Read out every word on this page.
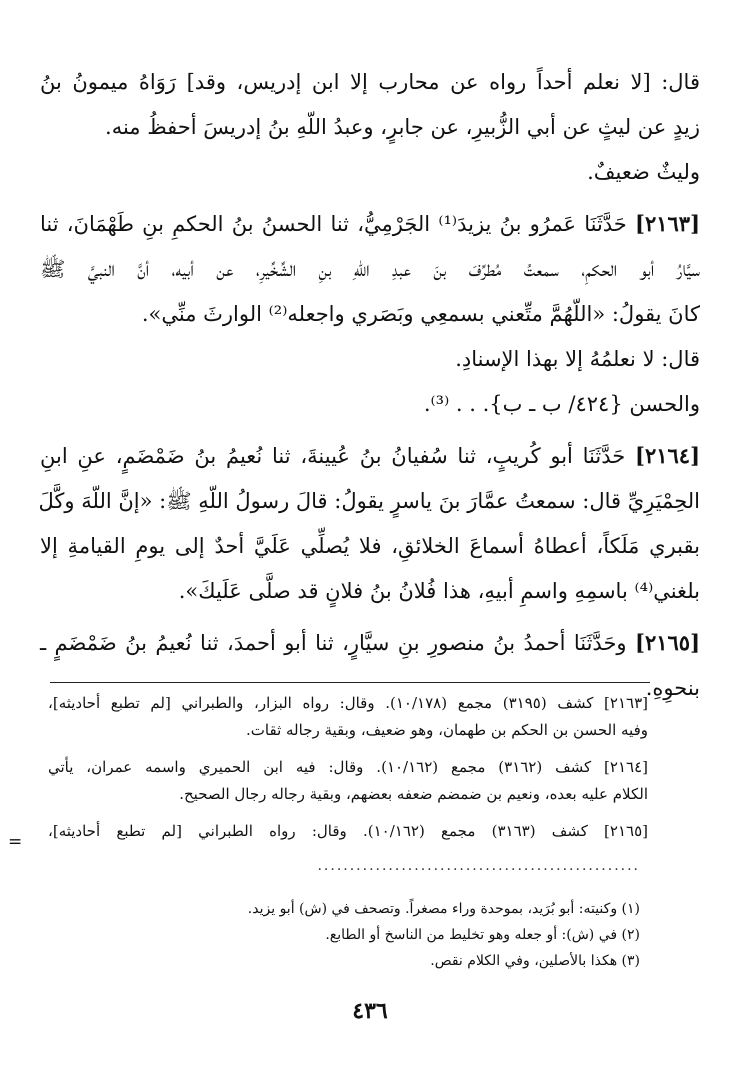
قال: [لا نعلم أحداً رواه عن محارب إلا ابن إدريس، وقد] رَوَاهُ ميمونُ بنُ

زيدٍ عن ليثٍ عن أبي الزُّبيرِ، عن جابرٍ، وعبدُ اللّهِ بنُ إدريسَ أحفظُ منه.

وليثٌ ضعيفٌ.

[٢١٦٣] حَدَّثَنَا عَمرُو بنُ يزيدَ⁽¹⁾ الجَرْمِيُّ، ثنا الحسنُ بنُ الحكمِ بنِ طَهْمَانَ، ثنا

سيَّارُ أبو الحكمِ، سمعتُ مُطرِّفَ بنَ عبدِ اللّهِ بنِ الشِّخِّيرِ، عن أبيه، أنَّ النبيَّ ﷺ

كانَ يقولُ: «اللّهُمَّ متِّعني بسمعِي وبَصَري واجعله⁽²⁾ الوارثَ منِّي».

قال: لا نعلمُهُ إلا بهذا الإسنادِ.

والحسن {٤٢٤/ ب ـ ب}. . . ⁽³⁾.

[٢١٦٤] حَدَّثَنَا أبو كُريبٍ، ثنا سُفيانُ بنُ عُيينةَ، ثنا نُعيمُ بنُ ضَمْضَمٍ، عنِ ابنِ

الحِمْيَرِيِّ قال: سمعتُ عمَّارَ بنَ ياسرٍ يقولُ: قالَ رسولُ اللّهِ ﷺ: «إنَّ اللّهَ وكَّلَ

بقبري مَلَكاً، أعطاهُ أسماعَ الخلائقِ، فلا يُصلِّي عَلَيَّ أحدٌ إلى يومِ القيامةِ إلا

بلغني⁽⁴⁾ باسمِهِ واسمِ أبيهِ، هذا فُلانُ بنُ فلانٍ قد صلَّى عَلَيكَ».

[٢١٦٥] وحَدَّثَنَا أحمدُ بنُ منصورِ بنِ سيَّارٍ، ثنا أبو أحمدَ، ثنا نُعيمُ بنُ ضَمْضَمٍ ـ

بنحوِهِ.

[٢١٦٣] كشف (٣١٩٥) مجمع (١٠/١٧٨). وقال: رواه البزار، والطبراني [لم تطبع أحاديثه]،

وفيه الحسن بن الحكم بن طهمان، وهو ضعيف، وبقية رجاله ثقات.

[٢١٦٤] كشف (٣١٦٢) مجمع (١٠/١٦٢). وقال: فيه ابن الحميري واسمه عمران، يأتي

الكلام عليه بعده، ونعيم بن ضمضم ضعفه بعضهم، وبقية رجاله رجال الصحيح.

[٢١٦٥] كشف (٣١٦٣) مجمع (١٠/١٦٢). وقال: رواه الطبراني [لم تطبع أحاديثه]،

=
..................................................

(١) وكنيته: أبو بُرَيد، بموحدة وراء مصغراً. وتصحف في (ش) أبو يزيد.

(٢) في (ش): أو جعله وهو تخليط من الناسخ أو الطابع.

(٣) هكذا بالأصلين، وفي الكلام نقص.

٤٣٦
